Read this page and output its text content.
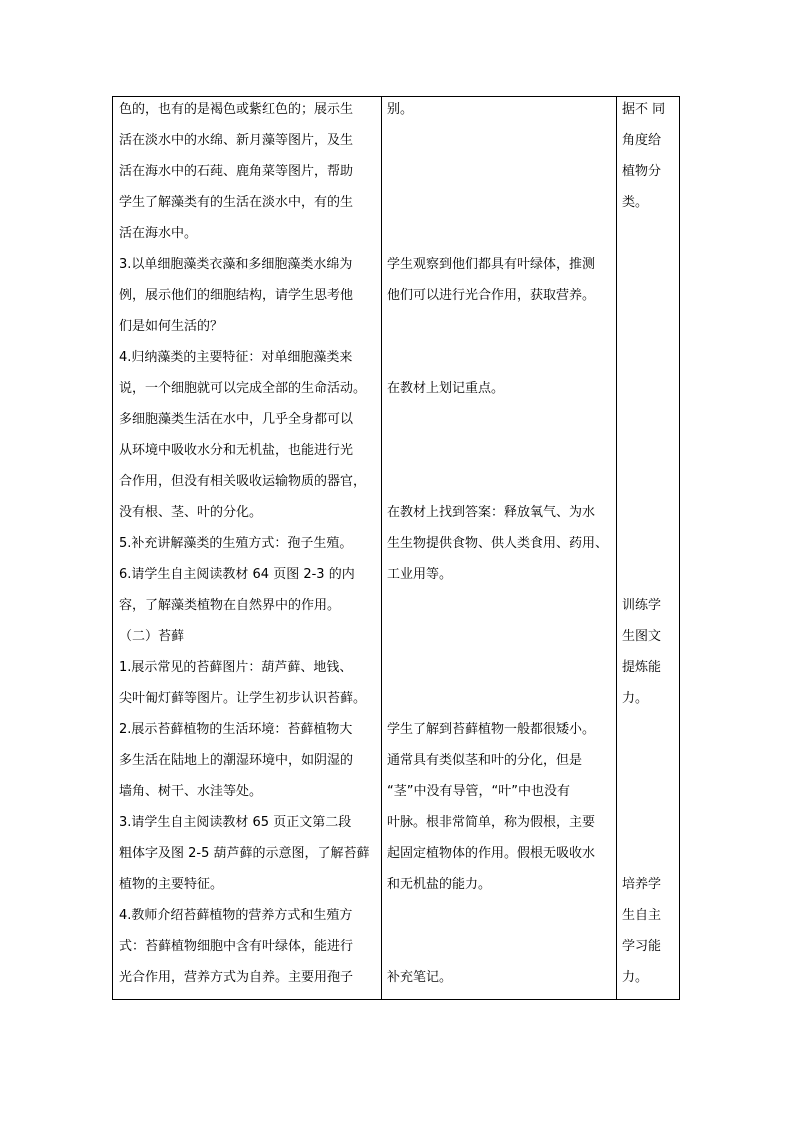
色的，也有的是褐色或紫红色的；展示生
活在淡水中的水绵、新月藻等图片，及生
活在海水中的石莼、鹿角菜等图片，帮助
学生了解藻类有的生活在淡水中，有的生
活在海水中。
3.以单细胞藻类衣藻和多细胞藻类水绵为
例，展示他们的细胞结构，请学生思考他
们是如何生活的？
4.归纳藻类的主要特征：对单细胞藻类来
说，一个细胞就可以完成全部的生命活动。
多细胞藻类生活在水中，几乎全身都可以
从环境中吸收水分和无机盐，也能进行光
合作用，但没有相关吸收运输物质的器官，
没有根、茎、叶的分化。
5.补充讲解藻类的生殖方式：孢子生殖。
6.请学生自主阅读教材 64 页图 2-3 的内
容，了解藻类植物在自然界中的作用。
（二）苔藓
1.展示常见的苔藓图片：葫芦藓、地钱、
尖叶匍灯藓等图片。让学生初步认识苔藓。
2.展示苔藓植物的生活环境：苔藓植物大
多生活在陆地上的潮湿环境中，如阴湿的
墙角、树干、水洼等处。
3.请学生自主阅读教材 65 页正文第二段
粗体字及图 2-5 葫芦藓的示意图，了解苔藓
植物的主要特征。
4.教师介绍苔藓植物的营养方式和生殖方
式：苔藓植物细胞中含有叶绿体，能进行
光合作用，营养方式为自养。主要用孢子
别。
学生观察到他们都具有叶绿体，推测
他们可以进行光合作用，获取营养。
在教材上划记重点。
在教材上找到答案：释放氧气、为水
生生物提供食物、供人类食用、药用、
工业用等。
学生了解到苔藓植物一般都很矮小。
通常具有类似茎和叶的分化，但是
“茎”中没有导管，“叶”中也没有
叶脉。根非常简单，称为假根，主要
起固定植物体的作用。假根无吸收水
和无机盐的能力。
补充笔记。
据不 同
角度给
植物分
类。
训练学
生图文
提炼能
力。
培养学
生自主
学习能
力。
